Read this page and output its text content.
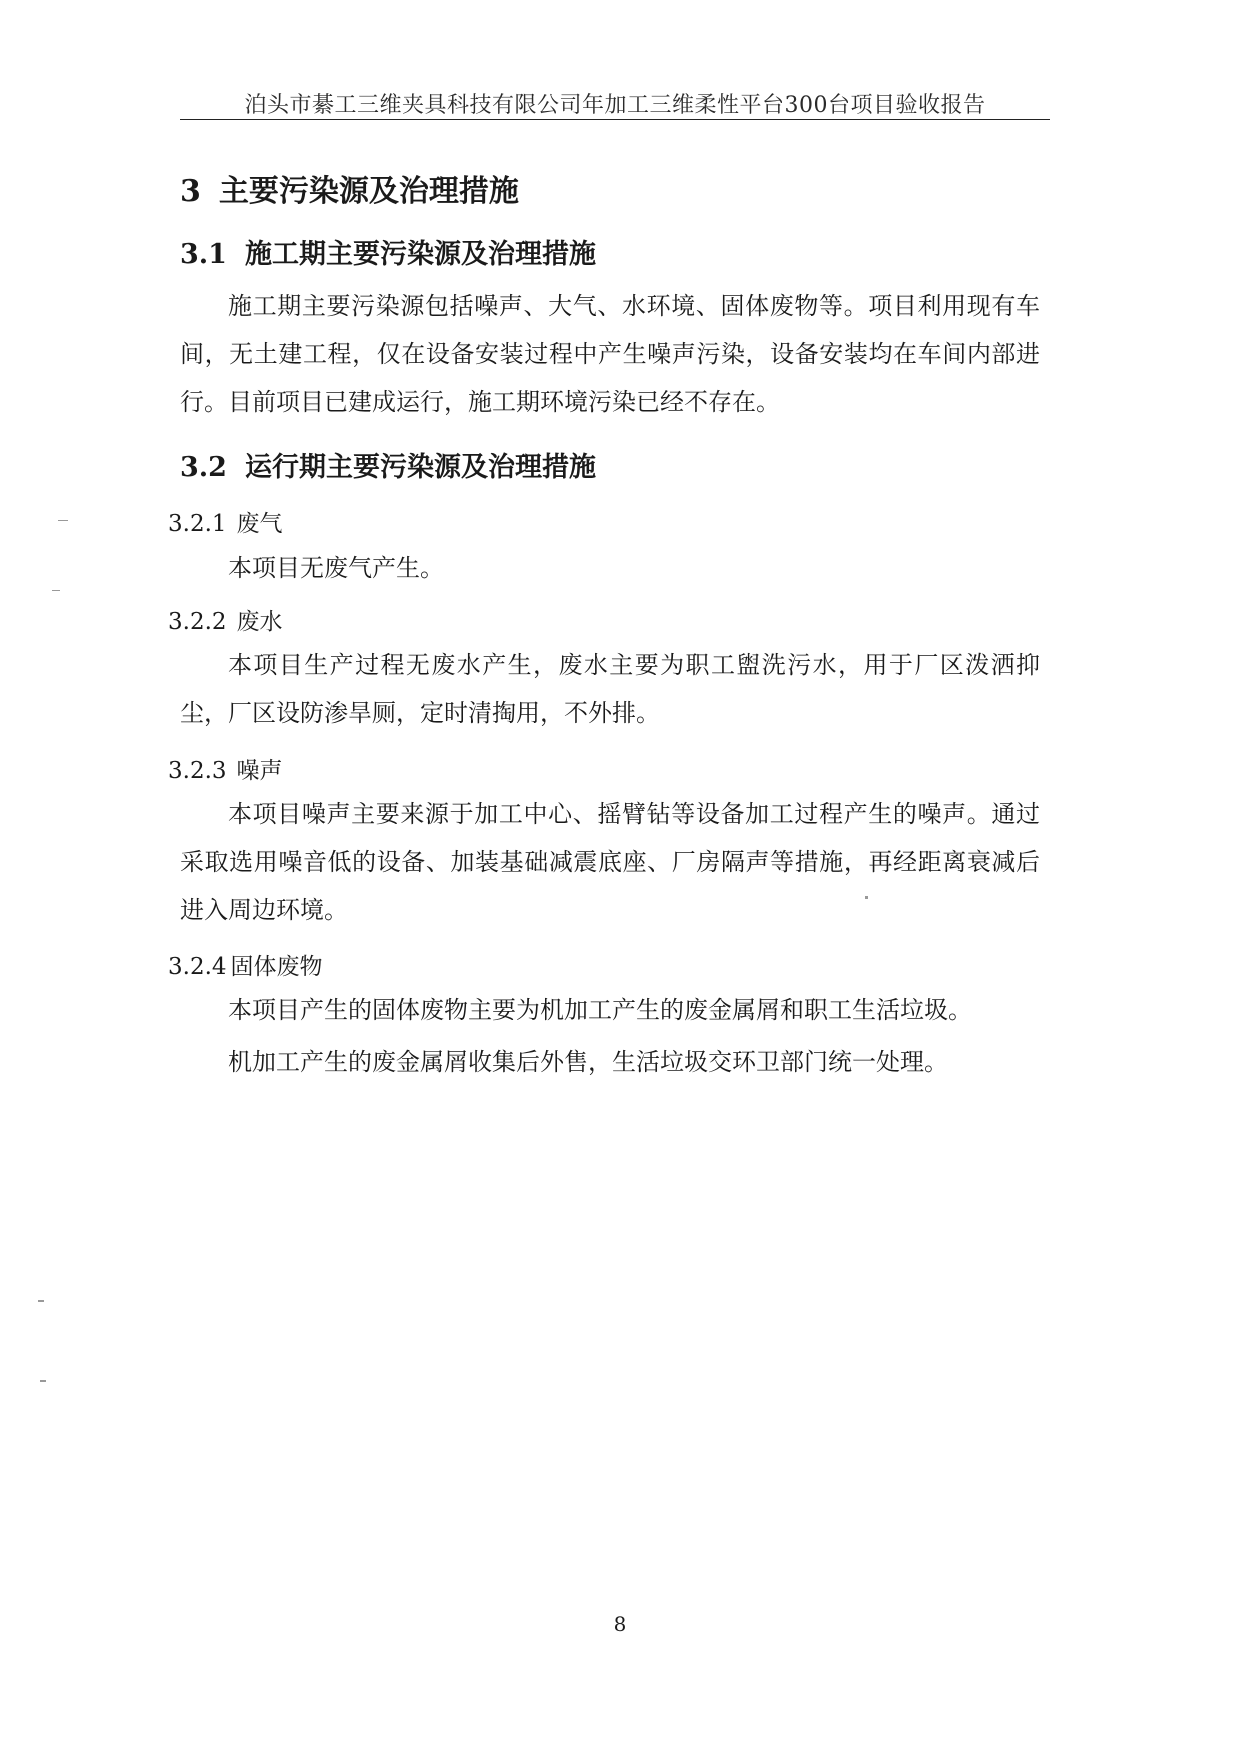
泊头市綦工三维夹具科技有限公司年加工三维柔性平台300台项目验收报告
3 主要污染源及治理措施
3.1 施工期主要污染源及治理措施

施工期主要污染源包括噪声、大气、水环境、固体废物等。项目利用现有车间，无土建工程，仅在设备安装过程中产生噪声污染，设备安装均在车间内部进行。目前项目已建成运行，施工期环境污染已经不存在。

3.2 运行期主要污染源及治理措施
3.2.1 废气

本项目无废气产生。

3.2.2 废水

本项目生产过程无废水产生，废水主要为职工盥洗污水，用于厂区泼洒抑尘，厂区设防渗旱厕，定时清掏用，不外排。

3.2.3 噪声

本项目噪声主要来源于加工中心、摇臂钻等设备加工过程产生的噪声。通过采取选用噪音低的设备、加装基础减震底座、厂房隔声等措施，再经距离衰减后进入周边环境。

3.2.4 固体废物

本项目产生的固体废物主要为机加工产生的废金属屑和职工生活垃圾。

机加工产生的废金属屑收集后外售，生活垃圾交环卫部门统一处理。

8
